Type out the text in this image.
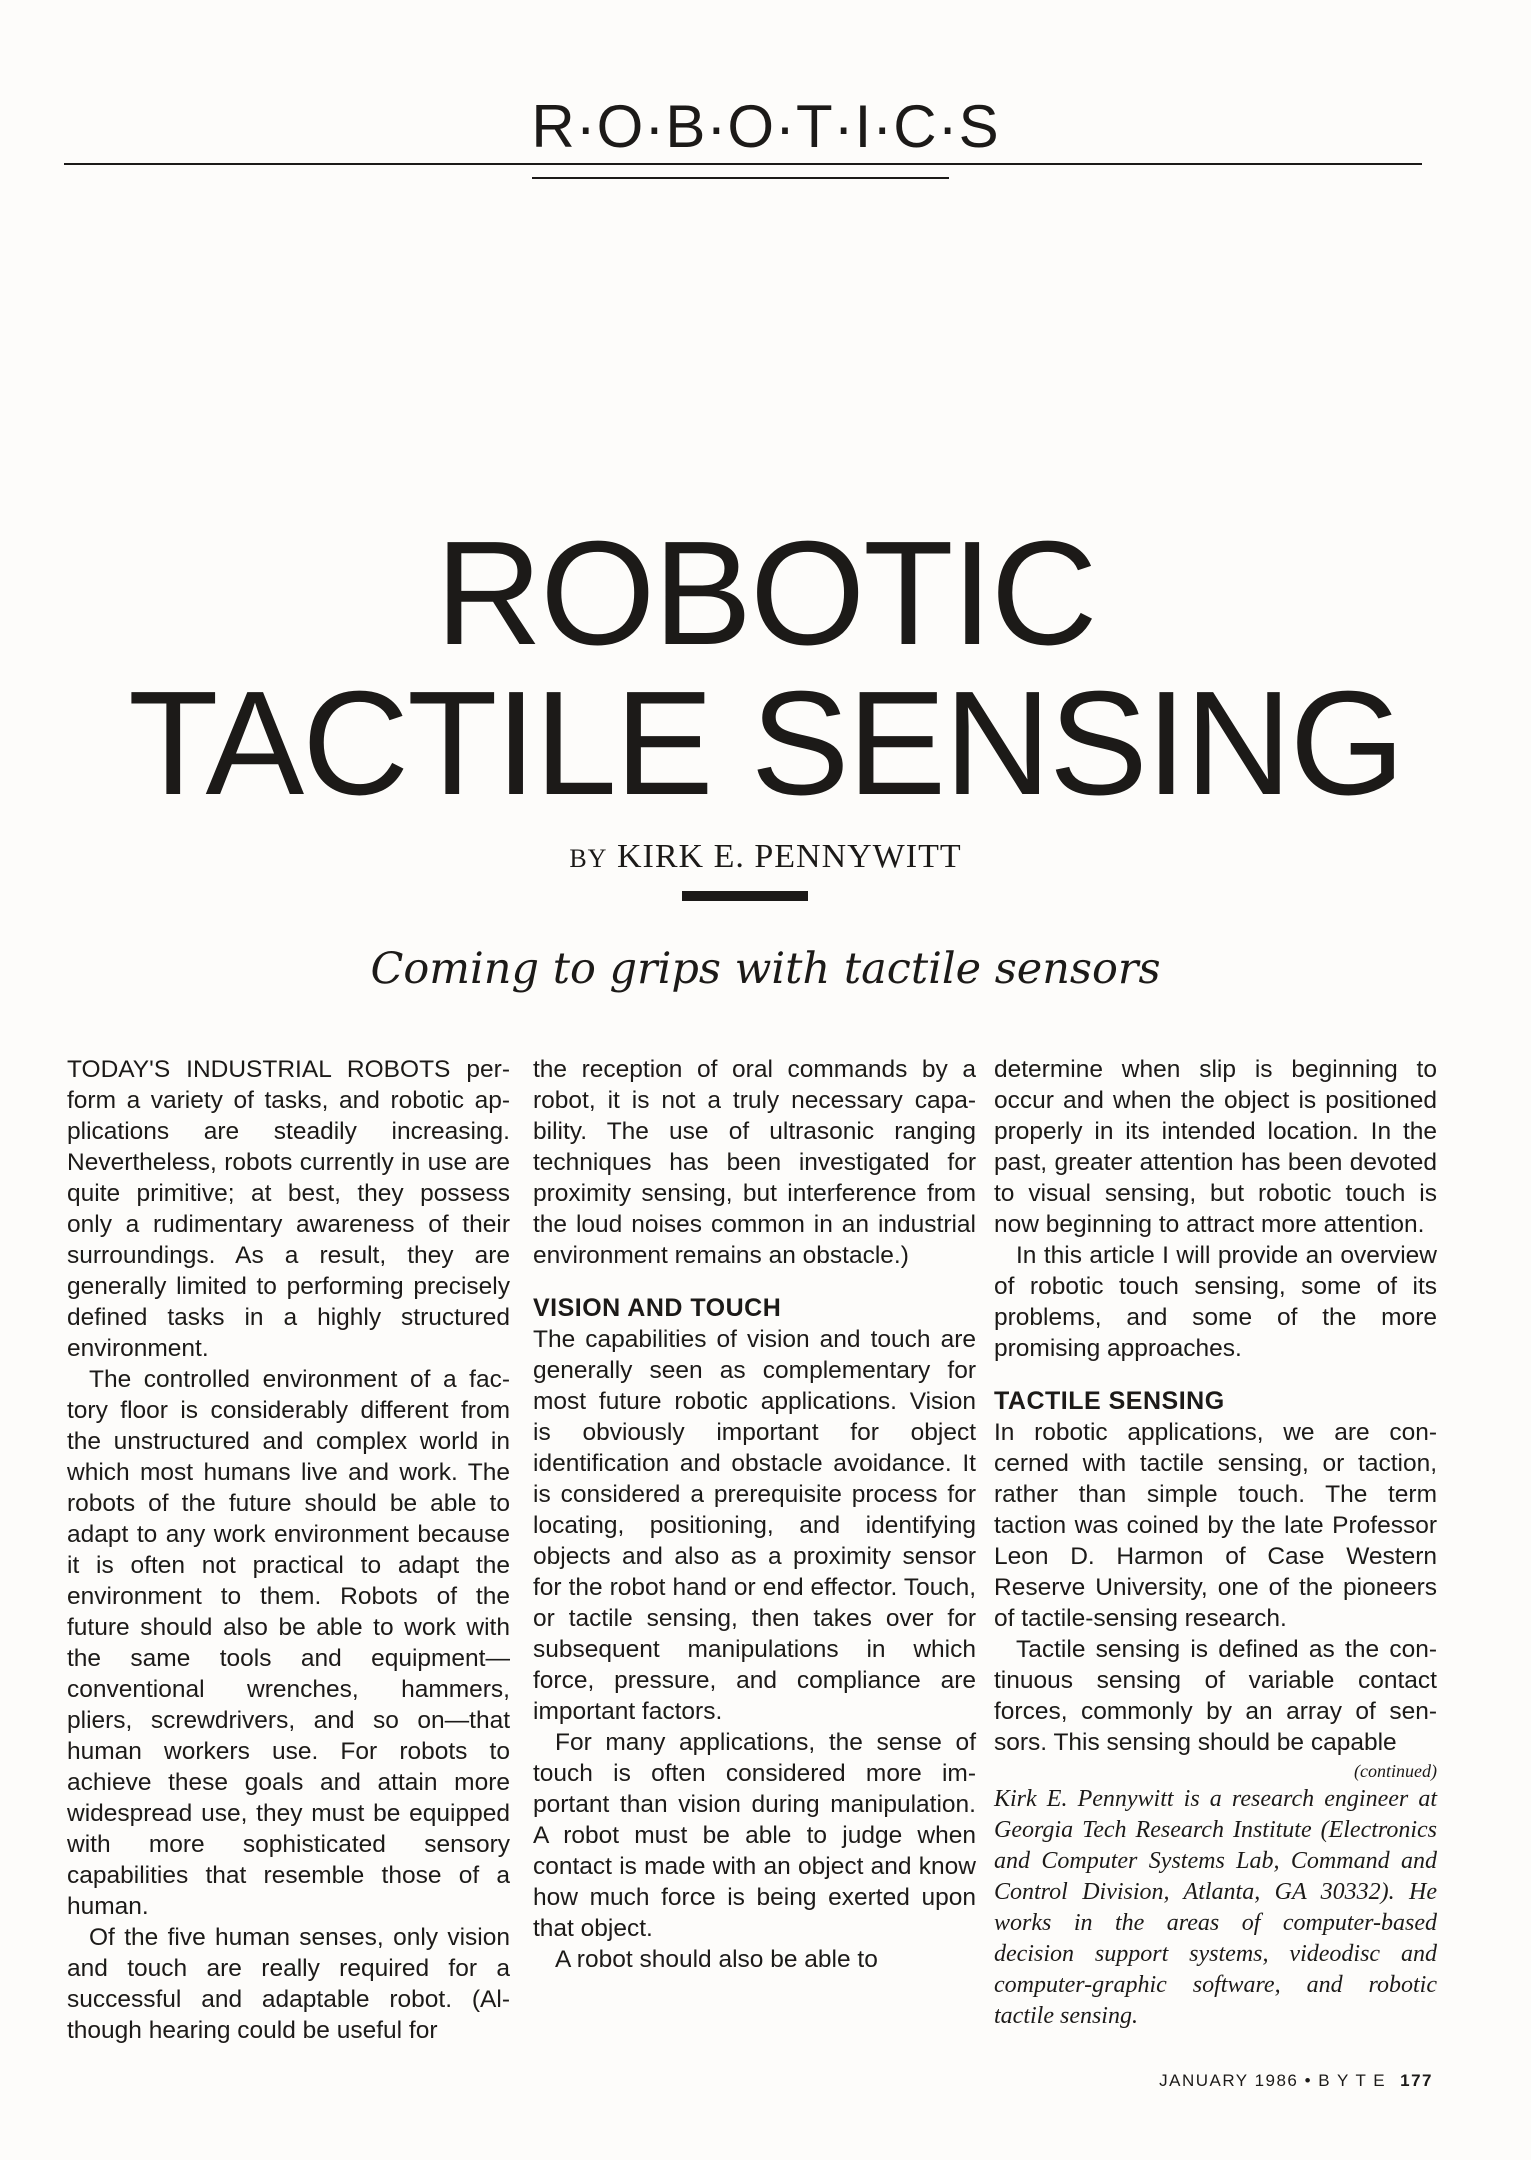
R·O·B·O·T·I·C·S
ROBOTIC
TACTILE SENSING
BY KIRK E. PENNYWITT
Coming to grips with tactile sensors

TODAY'S INDUSTRIAL ROBOTS perform a variety of tasks, and robotic applications are steadily increasing. Nevertheless, robots currently in use are quite primitive; at best, they possess only a rudimentary awareness of their surroundings. As a result, they are generally limited to performing precisely defined tasks in a highly structured environment.

The controlled environment of a factory floor is considerably different from the unstructured and complex world in which most humans live and work. The robots of the future should be able to adapt to any work environment because it is often not practical to adapt the environment to them. Robots of the future should also be able to work with the same tools and equipment—conventional wrenches, hammers, pliers, screwdrivers, and so on—that human workers use. For robots to achieve these goals and attain more widespread use, they must be equipped with more sophisticated sensory capabilities that resemble those of a human.

Of the five human senses, only vision and touch are really required for a successful and adaptable robot. (Although hearing could be useful for

the reception of oral commands by a robot, it is not a truly necessary capability. The use of ultrasonic ranging techniques has been investigated for proximity sensing, but interference from the loud noises common in an industrial environment remains an obstacle.)

VISION AND TOUCH

The capabilities of vision and touch are generally seen as complementary for most future robotic applications. Vision is obviously important for object identification and obstacle avoidance. It is considered a prerequisite process for locating, positioning, and identifying objects and also as a proximity sensor for the robot hand or end effector. Touch, or tactile sensing, then takes over for subsequent manipulations in which force, pressure, and compliance are important factors.

For many applications, the sense of touch is often considered more important than vision during manipulation. A robot must be able to judge when contact is made with an object and know how much force is being exerted upon that object.

A robot should also be able to

determine when slip is beginning to occur and when the object is positioned properly in its intended location. In the past, greater attention has been devoted to visual sensing, but robotic touch is now beginning to attract more attention.

In this article I will provide an overview of robotic touch sensing, some of its problems, and some of the more promising approaches.

TACTILE SENSING

In robotic applications, we are concerned with tactile sensing, or taction, rather than simple touch. The term taction was coined by the late Professor Leon D. Harmon of Case Western Reserve University, one of the pioneers of tactile-sensing research.

Tactile sensing is defined as the continuous sensing of variable contact forces, commonly by an array of sensors. This sensing should be capable

(continued)
Kirk E. Pennywitt is a research engineer at Georgia Tech Research Institute (Electronics and Computer Systems Lab, Command and Control Division, Atlanta, GA 30332). He works in the areas of computer-based decision support systems, videodisc and computer-graphic software, and robotic tactile sensing.
JANUARY 1986 • B Y T E 177
